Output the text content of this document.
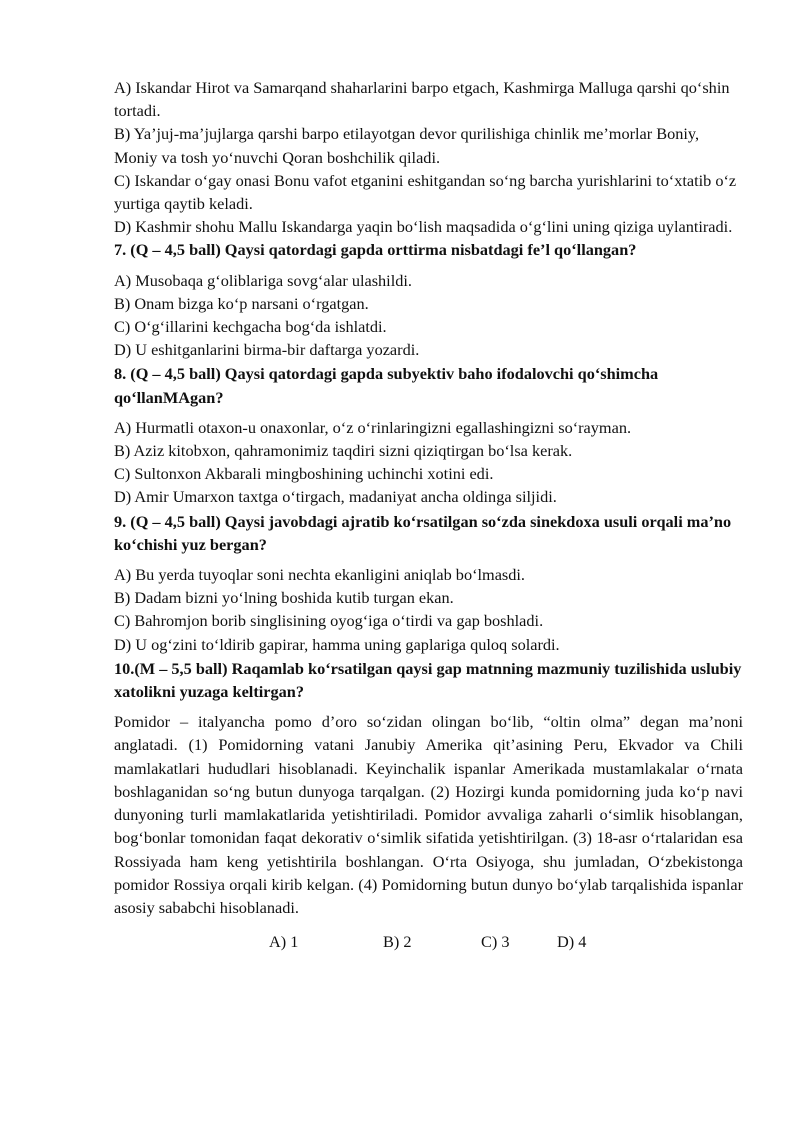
A) Iskandar Hirot va Samarqand shaharlarini barpo etgach, Kashmirga Malluga qarshi qo‘shin tortadi.

B) Ya’juj-ma’jujlarga qarshi barpo etilayotgan devor qurilishiga chinlik me’morlar Boniy, Moniy va tosh yo‘nuvchi Qoran boshchilik qiladi.

C) Iskandar o‘gay onasi Bonu vafot etganini eshitgandan so‘ng barcha yurishlarini to‘xtatib o‘z yurtiga qaytib keladi.

D) Kashmir shohu Mallu Iskandarga yaqin bo‘lish maqsadida o‘g‘lini uning qiziga uylantiradi.

7. (Q – 4,5 ball) Qaysi qatordagi gapda orttirma nisbatdagi fe’l qo‘llangan?

A) Musobaqa g‘oliblariga sovg‘alar ulashildi.

B) Onam bizga ko‘p narsani o‘rgatgan.

C) O‘g‘illarini kechgacha bog‘da ishlatdi.

D) U eshitganlarini birma-bir daftarga yozardi.

8. (Q – 4,5 ball) Qaysi qatordagi gapda subyektiv baho ifodalovchi qo‘shimcha qo‘llanMAgan?

A) Hurmatli otaxon-u onaxonlar, o‘z o‘rinlaringizni egallashingizni so‘rayman.

B) Aziz kitobxon, qahramonimiz taqdiri sizni qiziqtirgan bo‘lsa kerak.

C) Sultonxon Akbarali mingboshining uchinchi xotini edi.

D) Amir Umarxon taxtga o‘tirgach, madaniyat ancha oldinga siljidi.

9. (Q – 4,5 ball) Qaysi javobdagi ajratib ko‘rsatilgan so‘zda sinekdoxa usuli orqali ma’no ko‘chishi yuz bergan?

A) Bu yerda tuyoqlar soni nechta ekanligini aniqlab bo‘lmasdi.

B) Dadam bizni yo‘lning boshida kutib turgan ekan.

C) Bahromjon borib singlisining oyog‘iga o‘tirdi va gap boshladi.

D) U og‘zini to‘ldirib gapirar, hamma uning gaplariga quloq solardi.

10.(M – 5,5 ball) Raqamlab ko‘rsatilgan qaysi gap matnning mazmuniy tuzilishida uslubiy xatolikni yuzaga keltirgan?

Pomidor – italyancha pomo d’oro so‘zidan olingan bo‘lib, “oltin olma” degan ma’noni anglatadi. (1) Pomidorning vatani Janubiy Amerika qit’asining Peru, Ekvador va Chili mamlakatlari hududlari hisoblanadi. Keyinchalik ispanlar Amerikada mustamlakalar o‘rnata boshlaganidan so‘ng butun dunyoga tarqalgan. (2) Hozirgi kunda pomidorning juda ko‘p navi dunyoning turli mamlakatlarida yetishtiriladi. Pomidor avvaliga zaharli o‘simlik hisoblangan, bog‘bonlar tomonidan faqat dekorativ o‘simlik sifatida yetishtirilgan. (3) 18-asr o‘rtalaridan esa Rossiyada ham keng yetishtirila boshlangan. O‘rta Osiyoga, shu jumladan, O‘zbekistonga pomidor Rossiya orqali kirib kelgan. (4) Pomidorning butun dunyo bo‘ylab tarqalishida ispanlar asosiy sababchi hisoblanadi.

A) 1	B) 2	C) 3	D) 4
